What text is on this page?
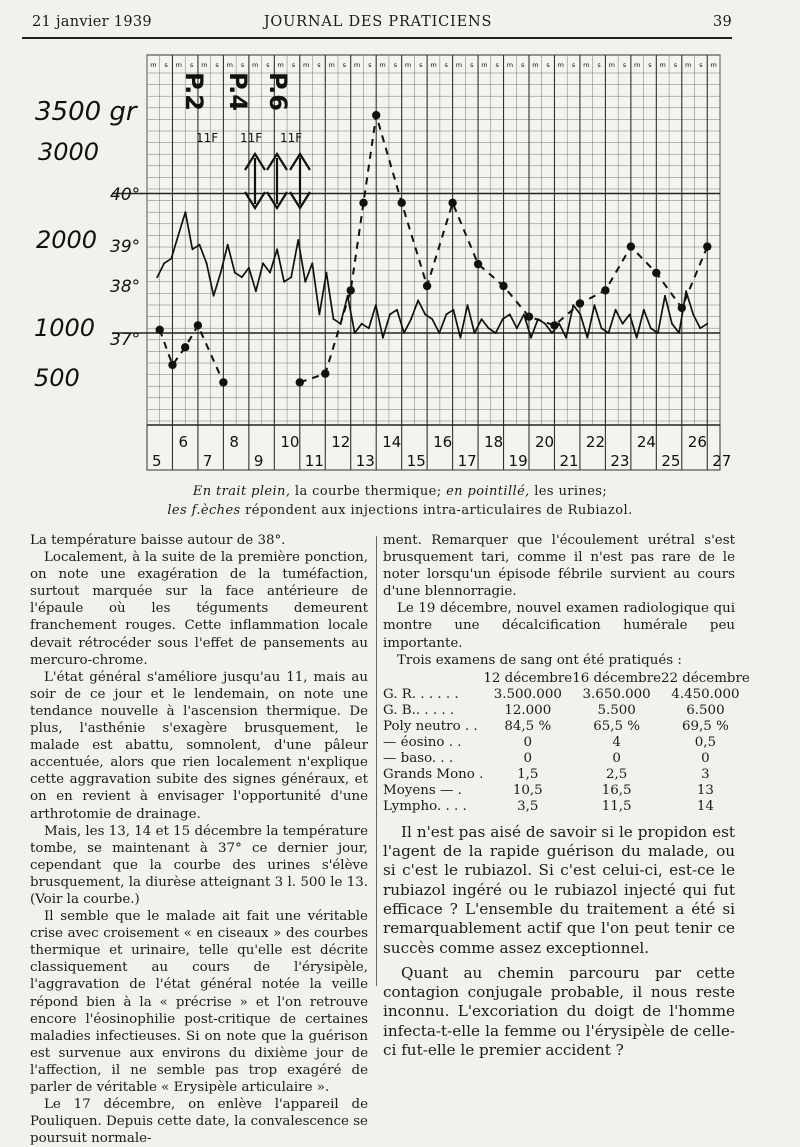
21 janvier 1939	JOURNAL DES PRATICIENS	39
m s m s m s m s m s m s m s m s m s m s m s m s m s m s m s m s m s m s m s m s m s m s m
3500 gr
3000
2000
1000
500
40°
39°
38°
37°
P.2
11F
P.4
11F
P.6
11F
6	8	10 12 14 16 18 20 22 24 26
5	7	9	11 13 15 17 19 21 23 25 27
En trait plein, la courbe thermique; en pointillé, les urines;
les f.èches répondent aux injections intra-articulaires de Rubiazol.

La température baisse autour de 38°.

Localement, à la suite de la première ponction, on note une exagération de la tuméfaction, surtout marquée sur la face antérieure de l'épaule où les téguments demeurent franchement rouges. Cette inflammation locale devait rétrocéder sous l'effet de pansements au mercuro-chrome.

L'état général s'améliore jusqu'au 11, mais au soir de ce jour et le lendemain, on note une tendance nouvelle à l'ascension thermique. De plus, l'asthénie s'exagère brusquement, le malade est abattu, somnolent, d'une pâleur accentuée, alors que rien localement n'explique cette aggravation subite des signes généraux, et on en revient à envisager l'opportunité d'une arthrotomie de drainage.

Mais, les 13, 14 et 15 décembre la température tombe, se maintenant à 37° ce dernier jour, cependant que la courbe des urines s'élève brusquement, la diurèse atteignant 3 l. 500 le 13. (Voir la courbe.)

Il semble que le malade ait fait une véritable crise avec croisement « en ciseaux » des courbes thermique et urinaire, telle qu'elle est décrite classiquement au cours de l'érysipèle, l'aggravation de l'état général notée la veille répond bien à la « précrise » et l'on retrouve encore l'éosinophilie post-critique de certaines maladies infectieuses. Si on note que la guérison est survenue aux environs du dixième jour de l'affection, il ne semble pas trop exagéré de parler de véritable « Erysipèle articulaire ».

Le 17 décembre, on enlève l'appareil de Pouliquen. Depuis cette date, la convalescence se poursuit normale-

ment. Remarquer que l'écoulement urétral s'est brusquement tari, comme il n'est pas rare de le noter lorsqu'un épisode fébrile survient au cours d'une blennorragie.

Le 19 décembre, nouvel examen radiologique qui montre une décalcification humérale peu importante.

Trois examens de sang ont été pratiqués :

	12 décembre	16 décembre	22 décembre
G. R. . . . . .	3.500.000	3.650.000	4.450.000
G. B.. . . . .	12.000	5.500	6.500
Poly neutro . .	84,5 %	65,5 %	69,5 %
— éosino . .	0	4	0,5
— baso. . .	0	0	0
Grands Mono .	1,5	2,5	3
Moyens — .	10,5	16,5	13
Lympho. . . .	3,5	11,5	14

Il n'est pas aisé de savoir si le propidon est l'agent de la rapide guérison du malade, ou si c'est le rubiazol. Si c'est celui-ci, est-ce le rubiazol ingéré ou le rubiazol injecté qui fut efficace ? L'ensemble du traitement a été si remarquablement actif que l'on peut tenir ce succès comme assez exceptionnel.

Quant au chemin parcouru par cette contagion conjugale probable, il nous reste inconnu. L'excoriation du doigt de l'homme infecta-t-elle la femme ou l'érysipèle de celle-ci fut-elle le premier accident ?
